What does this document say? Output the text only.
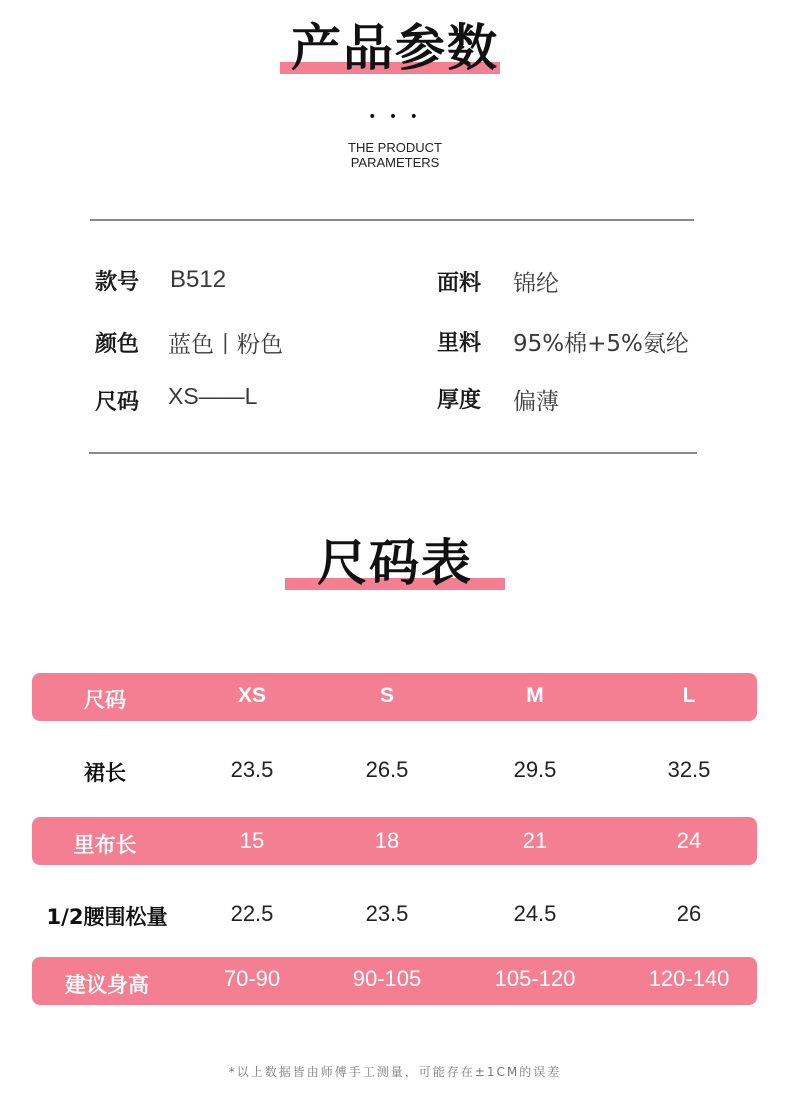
产品参数
• • •
THE PRODUCT
PARAMETERS
款号 B512
颜色 蓝色丨粉色
尺码 XS——L
面料 锦纶
里料 95%棉+5%氨纶
厚度 偏薄
尺码表
尺码	XS	S	M	L
裙长	23.5	26.5	29.5	32.5
里布长	15	18	21	24
1/2腰围松量	22.5	23.5	24.5	26
建议身高	70-90	90-105	105-120	120-140
*以上数据皆由师傅手工测量，可能存在±1CM的误差
